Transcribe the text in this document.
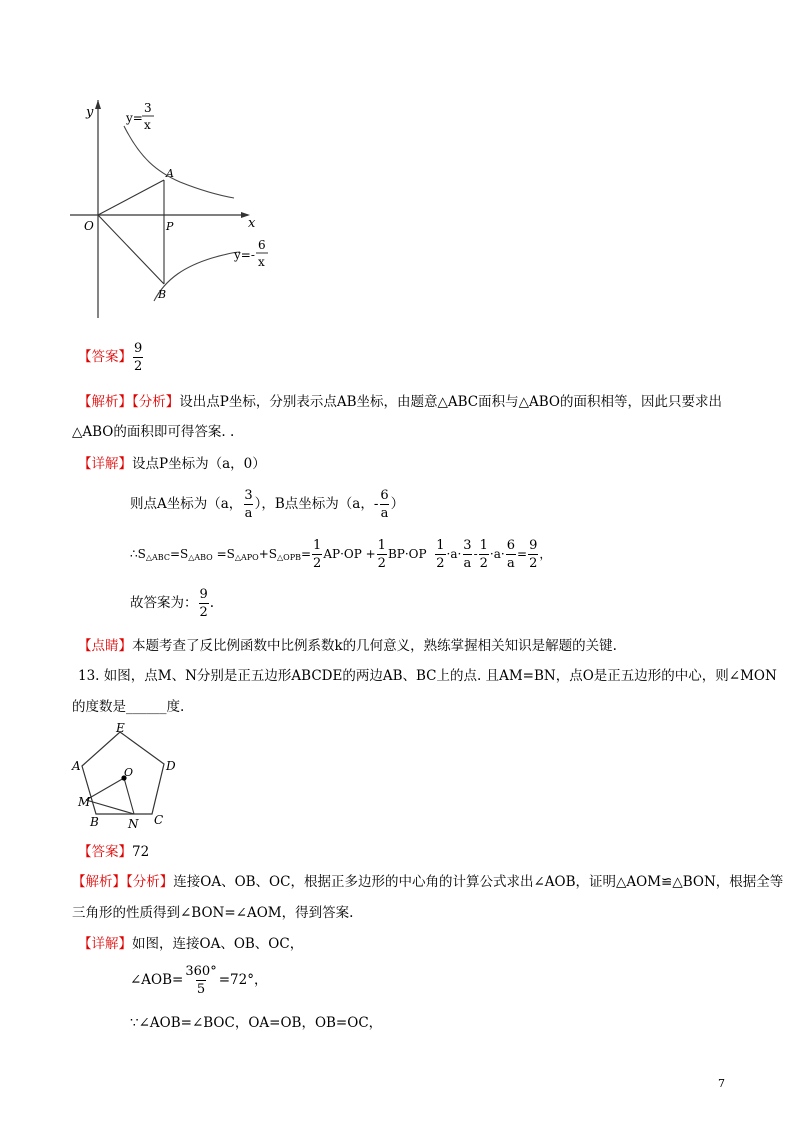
y
x
y=
3
x
y=-
6
x
O
A
P
B
【答案】 $\frac{9}{2}$
【解析】【分析】设出点P坐标，分别表示点AB坐标，由题意△ABC面积与△ABO的面积相等，因此只要求出
△ABO的面积即可得答案. .
【详解】设点P坐标为（a，0）
则点A坐标为（a， $\frac{3}{a}$ ），B点坐标为（a，- $\frac{6}{a}$ ）
$\therefore S_{\triangle ABC}=S_{\triangle ABO} =S_{\triangle APO}+S_{\triangle OPB}= \frac{1}{2} AP\cdot OP + \frac{1}{2} BP\cdot OP \frac{1}{2} \cdot a\cdot \frac{3}{a} - \frac{1}{2} \cdot a\cdot \frac{6}{a} = \frac{9}{2}$ ，
故答案为： $\frac{9}{2}$ .
【点睛】本题考查了反比例函数中比例系数k的几何意义，熟练掌握相关知识是解题的关键.
13. 如图，点M、N分别是正五边形ABCDE的两边AB、BC上的点. 且AM=BN，点O是正五边形的中心，则∠MON
的度数是______度.
E
A	D
O
M
B N C
【答案】72
【解析】【分析】连接OA、OB、OC，根据正多边形的中心角的计算公式求出∠AOB，证明△AOM≌△BON，根据全等
三角形的性质得到∠BON=∠AOM，得到答案.
【详解】如图，连接OA、OB、OC，
∠AOB= $\frac{360^\circ}{5} =72^\circ$，
∵∠AOB=∠BOC，OA=OB，OB=OC，
7
